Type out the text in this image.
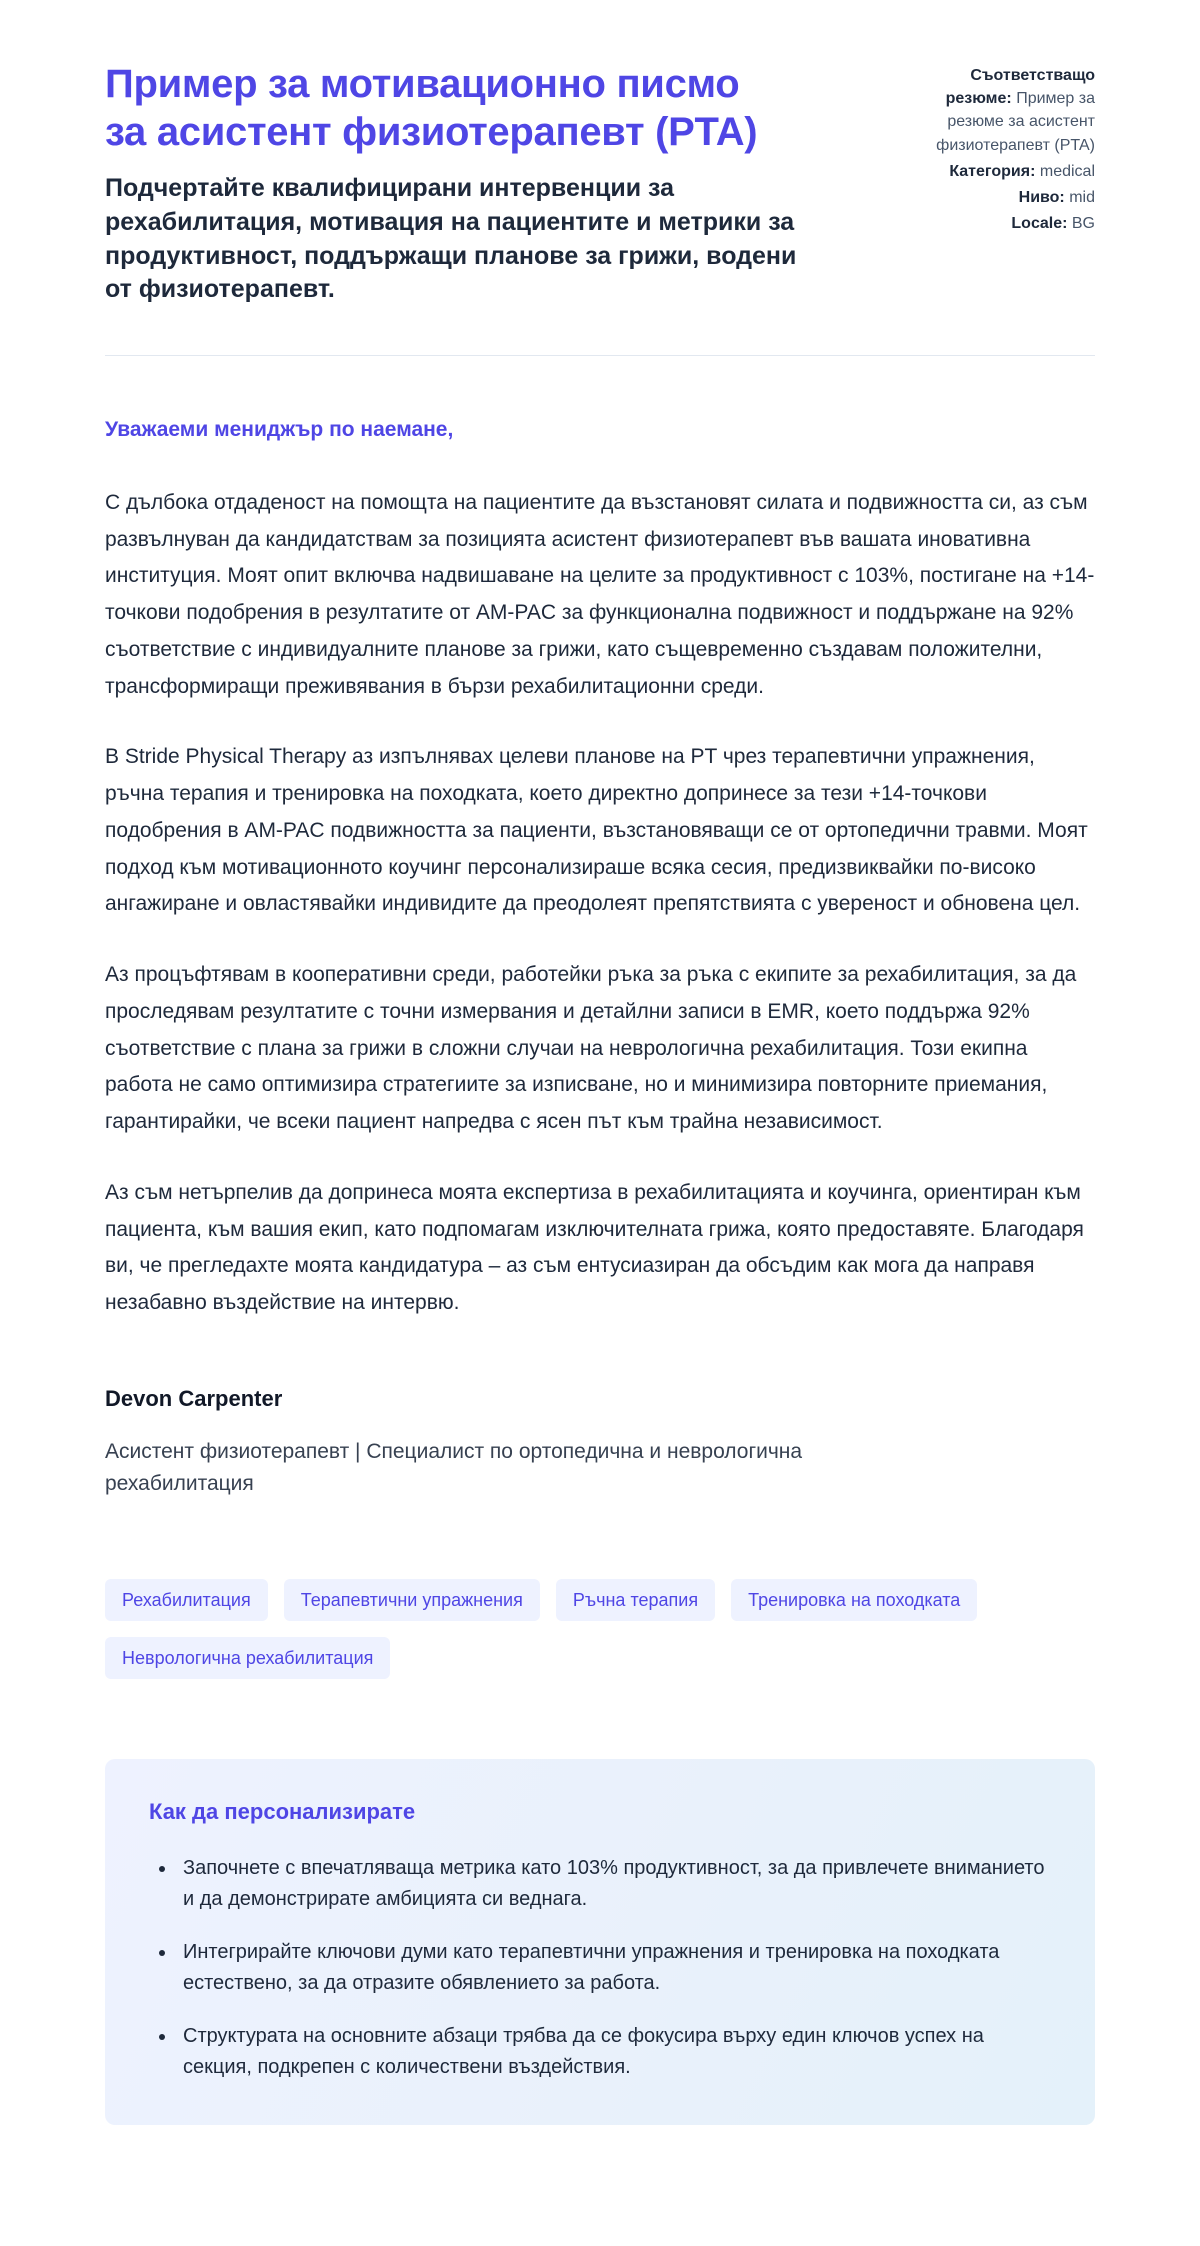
Пример за мотивационно писмо за асистент физиотерапевт (PTA)

Подчертайте квалифицирани интервенции за рехабилитация, мотивация на пациентите и метрики за продуктивност, поддържащи планове за грижи, водени от физиотерапевт.

Съответстващо резюме: Пример за резюме за асистент физиотерапевт (PTA)

Категория: medical

Ниво: mid

Locale: BG

Уважаеми мениджър по наемане,

С дълбока отдаденост на помощта на пациентите да възстановят силата и подвижността си, аз съм развълнуван да кандидатствам за позицията асистент физиотерапевт във вашата иновативна институция. Моят опит включва надвишаване на целите за продуктивност с 103%, постигане на +14-точкови подобрения в резултатите от AM-PAC за функционална подвижност и поддържане на 92% съответствие с индивидуалните планове за грижи, като същевременно създавам положителни, трансформиращи преживявания в бързи рехабилитационни среди.

В Stride Physical Therapy аз изпълнявах целеви планове на PT чрез терапевтични упражнения, ръчна терапия и тренировка на походката, което директно допринесе за тези +14-точкови подобрения в AM-PAC подвижността за пациенти, възстановяващи се от ортопедични травми. Моят подход към мотивационното коучинг персонализираше всяка сесия, предизвиквайки по-високо ангажиране и овластявайки индивидите да преодолеят препятствията с увереност и обновена цел.

Аз процъфтявам в кооперативни среди, работейки ръка за ръка с екипите за рехабилитация, за да проследявам резултатите с точни измервания и детайлни записи в EMR, което поддържа 92% съответствие с плана за грижи в сложни случаи на неврологична рехабилитация. Този екипна работа не само оптимизира стратегиите за изписване, но и минимизира повторните приемания, гарантирайки, че всеки пациент напредва с ясен път към трайна независимост.

Аз съм нетърпелив да допринеса моята експертиза в рехабилитацията и коучинга, ориентиран към пациента, към вашия екип, като подпомагам изключителната грижа, която предоставяте. Благодаря ви, че прегледахте моята кандидатура – аз съм ентусиазиран да обсъдим как мога да направя незабавно въздействие на интервю.

Devon Carpenter

Асистент физиотерапевт | Специалист по ортопедична и неврологична рехабилитация

Рехабилитация	Терапевтични упражнения	Ръчна терапия	Тренировка на походката
Неврологична рехабилитация
Как да персонализирате
• Започнете с впечатляваща метрика като 103% продуктивност, за да привлечете вниманието и да демонстрирате амбицията си веднага.
• Интегрирайте ключови думи като терапевтични упражнения и тренировка на походката естествено, за да отразите обявлението за работа.
• Структурата на основните абзаци трябва да се фокусира върху един ключов успех на секция, подкрепен с количествени въздействия.
